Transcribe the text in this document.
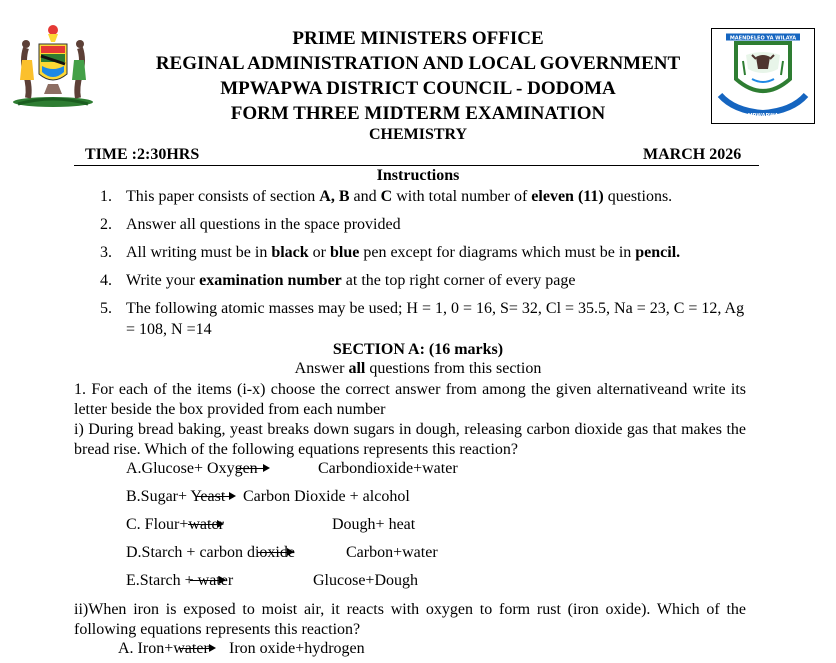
MAENDELEO YA WILAYA
MPWAPWA
PRIME MINISTERS OFFICE
REGINAL ADMINISTRATION AND LOCAL GOVERNMENT
MPWAPWA DISTRICT COUNCIL - DODOMA
FORM THREE MIDTERM EXAMINATION
CHEMISTRY
TIME :2:30HRS	MARCH 2026
Instructions
1. This paper consists of section A, B and C with total number of eleven (11) questions.
2. Answer all questions in the space provided
3. All writing must be in black or blue pen except for diagrams which must be in pencil.
4. Write your examination number at the top right corner of every page
5. The following atomic masses may be used; H = 1, 0 = 16, S= 32, Cl = 35.5, Na = 23, C = 12, Ag = 108, N =14
SECTION A: (16 marks)
Answer all questions from this section
1. For each of the items (i-x) choose the correct answer from among the given alternativeand write its letter beside the box provided from each number
i) During bread baking, yeast breaks down sugars in dough, releasing carbon dioxide gas that makes the bread rise. Which of the following equations represents this reaction?
A.Glucose+ Oxygen	Carbondioxide+water
B.Sugar+ Yeast Carbon Dioxide + alcohol
C. Flour+water	Dough+ heat
D.Starch + carbon dioxide	Carbon+water
E.Starch + water	Glucose+Dough
ii)When iron is exposed to moist air, it reacts with oxygen to form rust (iron oxide). Which of the following equations represents this reaction?
A. Iron+water → Iron oxide+hydrogen
